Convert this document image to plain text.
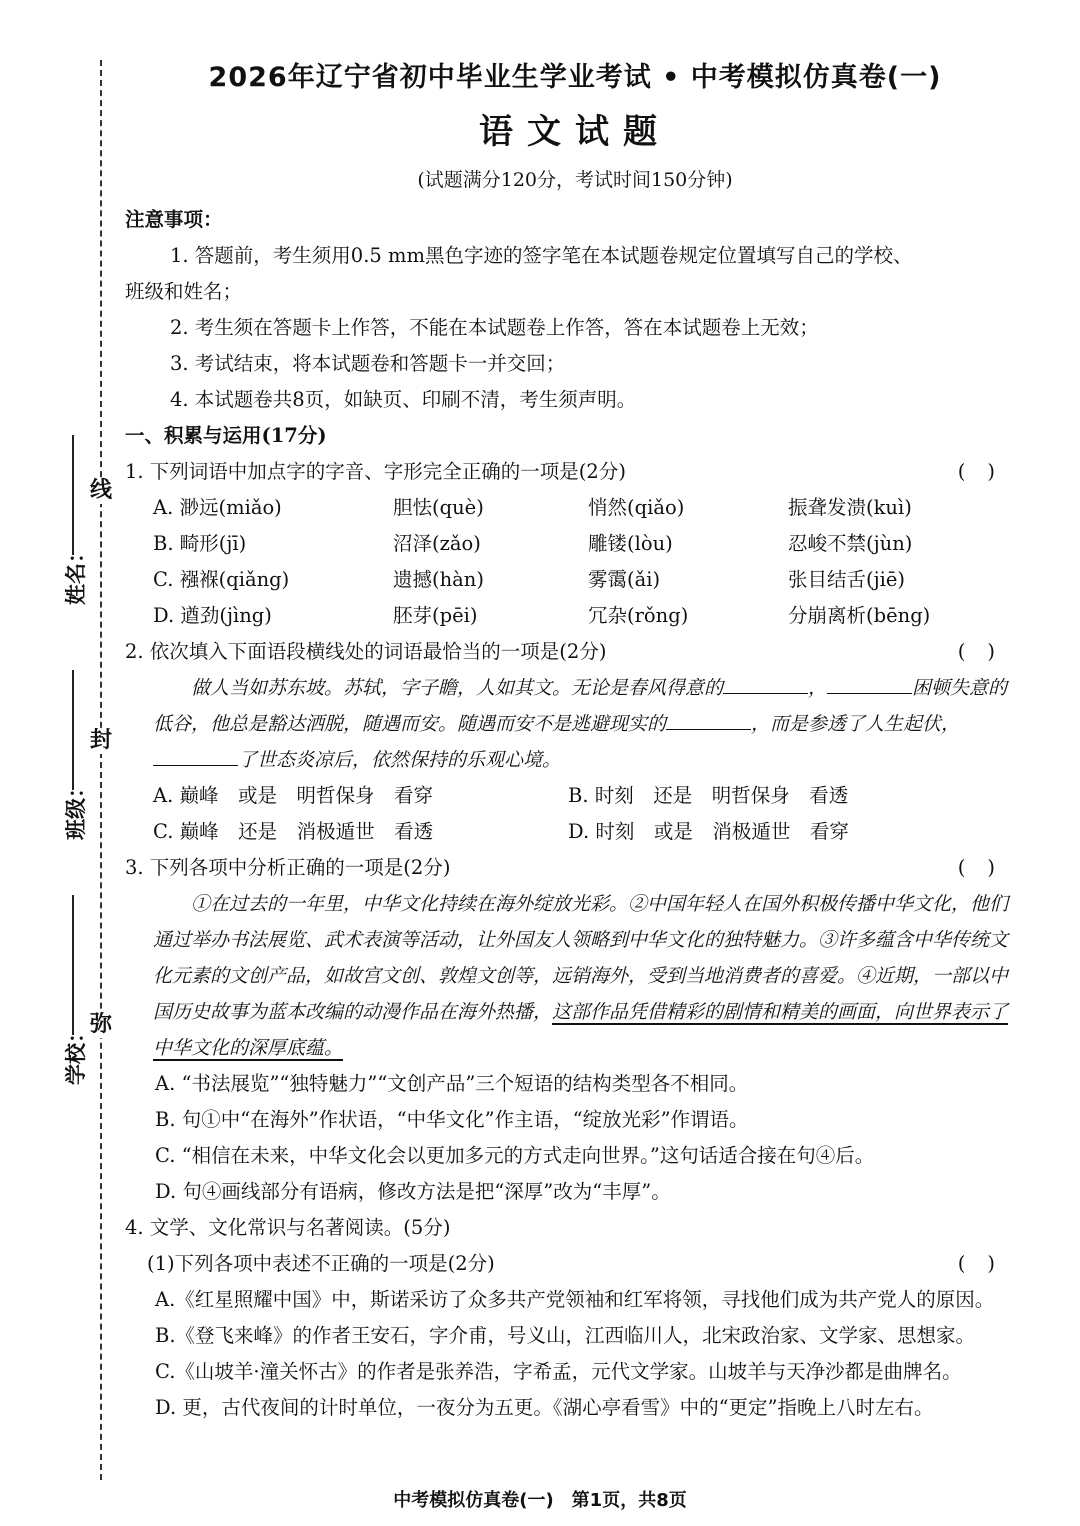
线
封
弥
姓名：
班级：
学校：
2026年辽宁省初中毕业生学业考试 • 中考模拟仿真卷(一)
语文试题
(试题满分120分，考试时间150分钟)

注意事项：

1. 答题前，考生须用0.5 mm黑色字迹的签字笔在本试题卷规定位置填写自己的学校、

班级和姓名；

2. 考生须在答题卡上作答，不能在本试题卷上作答，答在本试题卷上无效；

3. 考试结束，将本试题卷和答题卡一并交回；

4. 本试题卷共8页，如缺页、印刷不清，考生须声明。

一、积累与运用(17分)

1. 下列词语中加点字的字音、字形完全正确的一项是(2分)	()

A. 渺远(miǎo)	胆怯(què)	悄然(qiǎo)	振聋发溃(kuì)
B. 畸形(jī)	沼泽(zǎo)	雕镂(lòu)	忍峻不禁(jùn)
C. 襁褓(qiǎng)	遗撼(hàn)	雾霭(ǎi)	张目结舌(jiē)
D. 遒劲(jìng)	胚芽(pēi)	冗杂(rǒng)	分崩离析(bēng)

2. 依次填入下面语段横线处的词语最恰当的一项是(2分)	()

做人当如苏东坡。苏轼，字子瞻，人如其文。无论是春风得意的	，	困顿失意的低谷，他总是豁达洒脱，随遇而安。随遇而安不是逃避现实的	，而是参透了人生起伏，了世态炎凉后，依然保持的乐观心境。

A. 巅峰　或是　明哲保身　看穿	B. 时刻　还是　明哲保身　看透
C. 巅峰　还是　消极遁世　看透	D. 时刻　或是　消极遁世　看穿

3. 下列各项中分析正确的一项是(2分)	()

①在过去的一年里，中华文化持续在海外绽放光彩。②中国年轻人在国外积极传播中华文化，他们通过举办书法展览、武术表演等活动，让外国友人领略到中华文化的独特魅力。③许多蕴含中华传统文化元素的文创产品，如故宫文创、敦煌文创等，远销海外，受到当地消费者的喜爱。④近期，一部以中国历史故事为蓝本改编的动漫作品在海外热播，这部作品凭借精彩的剧情和精美的画面，向世界表示了中华文化的深厚底蕴。

A. “书法展览”“独特魅力”“文创产品”三个短语的结构类型各不相同。

B. 句①中“在海外”作状语，“中华文化”作主语，“绽放光彩”作谓语。

C. “相信在未来，中华文化会以更加多元的方式走向世界。”这句话适合接在句④后。

D. 句④画线部分有语病，修改方法是把“深厚”改为“丰厚”。

4. 文学、文化常识与名著阅读。(5分)

(1)下列各项中表述不正确的一项是(2分)	()

A.《红星照耀中国》中，斯诺采访了众多共产党领袖和红军将领，寻找他们成为共产党人的原因。

B.《登飞来峰》的作者王安石，字介甫，号义山，江西临川人，北宋政治家、文学家、思想家。

C.《山坡羊·潼关怀古》的作者是张养浩，字希孟，元代文学家。山坡羊与天净沙都是曲牌名。

D. 更，古代夜间的计时单位，一夜分为五更。《湖心亭看雪》中的“更定”指晚上八时左右。

中考模拟仿真卷(一)　第1页，共8页
